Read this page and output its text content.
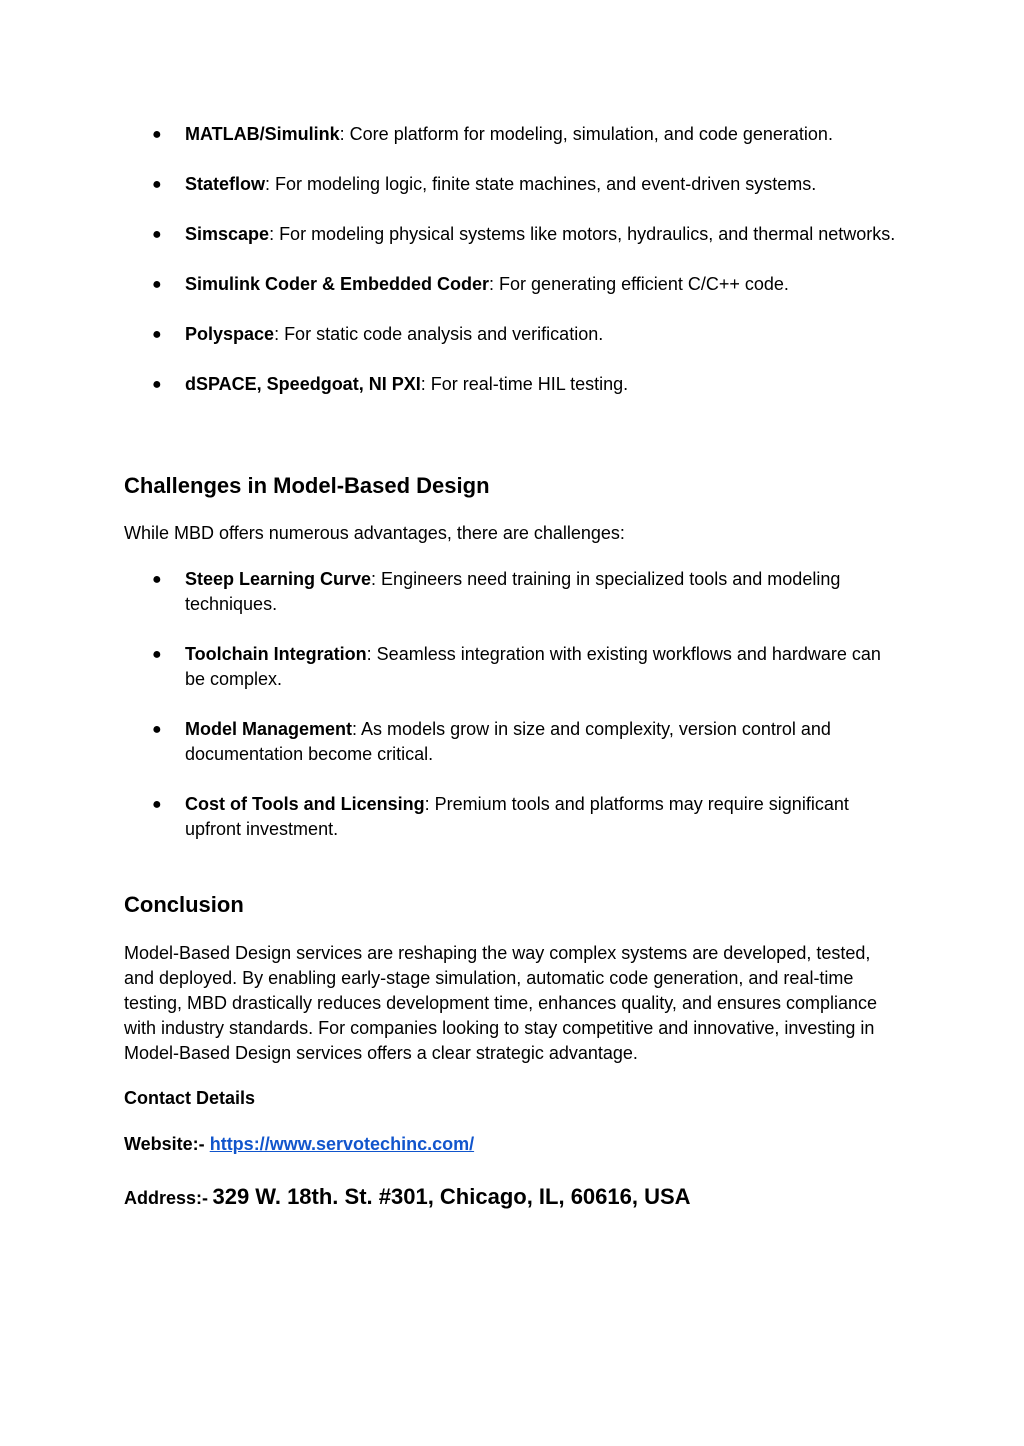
● MATLAB/Simulink: Core platform for modeling, simulation, and code generation.
● Stateflow: For modeling logic, finite state machines, and event-driven systems.
● Simscape: For modeling physical systems like motors, hydraulics, and thermal networks.
● Simulink Coder & Embedded Coder: For generating efficient C/C++ code.
● Polyspace: For static code analysis and verification.
● dSPACE, Speedgoat, NI PXI: For real-time HIL testing.
Challenges in Model-Based Design

While MBD offers numerous advantages, there are challenges:

● Steep Learning Curve: Engineers need training in specialized tools and modeling techniques.
● Toolchain Integration: Seamless integration with existing workflows and hardware can be complex.
● Model Management: As models grow in size and complexity, version control and documentation become critical.
● Cost of Tools and Licensing: Premium tools and platforms may require significant upfront investment.
Conclusion

Model-Based Design services are reshaping the way complex systems are developed, tested, and deployed. By enabling early-stage simulation, automatic code generation, and real-time testing, MBD drastically reduces development time, enhances quality, and ensures compliance with industry standards. For companies looking to stay competitive and innovative, investing in Model-Based Design services offers a clear strategic advantage.

Contact Details

Website:- https://www.servotechinc.com/

Address:- 329 W. 18th. St. #301, Chicago, IL, 60616, USA
